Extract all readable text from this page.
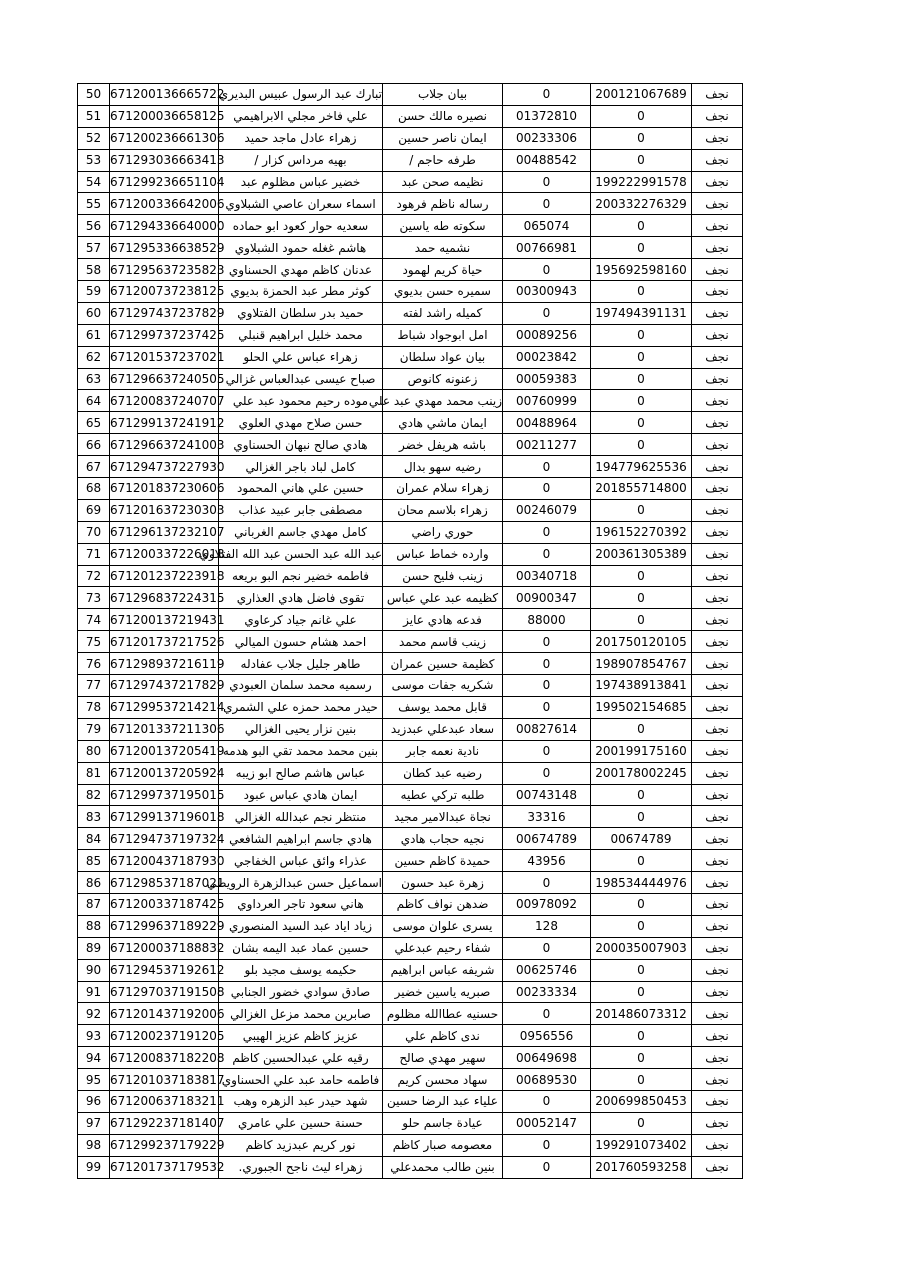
50	671200136665722	تبارك عبد الرسول عبيس البديري	بيان جلاب	0	200121067689	نجف
51	671200036658125	علي فاخر مجلي الابراهيمي	نصيره مالك حسن	01372810	0	نجف
52	671200236661306	زهراء عادل ماجد حميد	ايمان ناصر حسين	00233306	0	نجف
53	671293036663413	بهيه مرداس كزار /	طرفه حاجم /	00488542	0	نجف
54	671299236651104	خضير عباس مظلوم عبد	نظيمه صحن عبد	0	199222991578	نجف
55	671200336642006	اسماء سعران عاصي الشبلاوي	رساله ناظم فرهود	0	200332276329	نجف
56	671294336640000	سعديه حوار كعود ابو حماده	سكوته طه ياسين	065074	0	نجف
57	671295336638529	هاشم غغله حمود الشبلاوي	نشميه حمد	00766981	0	نجف
58	671295637235823	عدنان كاظم مهدي الحسناوي	حياة كريم لهمود	0	195692598160	نجف
59	671200737238125	كوثر مطر عبد الحمزة بديوي	سميره حسن بديوي	00300943	0	نجف
60	671297437237829	حميد بدر سلطان الفتلاوي	كميله راشد لفته	0	197494391131	نجف
61	671299737237425	محمد خليل ابراهيم قنبلي	امل ابوجواد شباط	00089256	0	نجف
62	671201537237021	زهراء عباس علي الحلو	بيان عواد سلطان	00023842	0	نجف
63	671296637240505	صباح عيسى عبدالعباس غزالي	زعنونه كانوص	00059383	0	نجف
64	671200837240707	موده رحيم محمود عبد علي	زينب محمد مهدي عبد علي	00760999	0	نجف
65	671299137241912	حسن صلاح مهدي العلوي	ايمان ماشي هادي	00488964	0	نجف
66	671296637241003	هادي صالح نبهان الحسناوي	باشه هريفل خضر	00211277	0	نجف
67	671294737227930	كامل لباد باجر الغزالي	رضيه سهو بدال	0	194779625536	نجف
68	671201837230606	حسين علي هاني المحمود	زهراء سلام عمران	0	201855714800	نجف
69	671201637230303	مصطفى جابر عبيد عذاب	زهراء بلاسم محان	00246079	0	نجف
70	671296137232107	كامل مهدي جاسم الغرباني	حوري راضي	0	196152270392	نجف
71	671200337226018	عبد الله عبد الحسن عبد الله الفتلاوي	وارده خماط عباس	0	200361305389	نجف
72	671201237223918	فاطمه خضير نجم البو بريعه	زينب فليح حسن	00340718	0	نجف
73	671296837224315	تقوى فاضل هادي العذاري	كظيمه عبد علي عباس	00900347	0	نجف
74	671200137219431	علي غانم جياد كرعاوي	فدعه هادي عايز	88000	0	نجف
75	671201737217526	احمد هشام حسون الميالي	زينب قاسم محمد	0	201750120105	نجف
76	671298937216119	طاهر جليل جلاب عفادله	كظيمة حسين عمران	0	198907854767	نجف
77	671297437217829	رسميه محمد سلمان العبودي	شكريه جفات موسى	0	197438913841	نجف
78	671299537214214	حيدر محمد حمزه علي الشمري	قابل محمد يوسف	0	199502154685	نجف
79	671201337211306	بنين نزار يحيى الغزالي	سعاد عبدعلي عبدزيد	00827614	0	نجف
80	671200137205419	بنين محمد محمد تقي البو هدمه	نادية نعمه جابر	0	200199175160	نجف
81	671200137205924	عباس هاشم صالح ابو زيبه	رضيه عبد كطان	0	200178002245	نجف
82	671299737195015	ايمان هادي عباس عبود	طلبه تركي عطيه	00743148	0	نجف
83	671299137196018	منتظر نجم عبدالله الغزالي	نجاة عبدالامير مجيد	33316	0	نجف
84	671294737197324	هادي جاسم ابراهيم الشافعي	نجيه حجاب هادي	00674789	00674789	نجف
85	671200437187930	عذراء وائق عباس الخفاجي	حميدة كاظم حسين	43956	0	نجف
86	671298537187021	اسماعيل حسن عبدالزهرة الرويطي	زهرة عبد حسون	0	198534444976	نجف
87	671200337187425	هاني سعود تاجر العرداوي	ضدهن نواف كاظم	00978092	0	نجف
88	671299637189229	زياد اياد عبد السيد المنصوري	يسرى علوان موسى	128	0	نجف
89	671200037188832	حسين عماد عبد اليمه بشان	شفاء رحيم عبدعلي	0	200035007903	نجف
90	671294537192612	حكيمه يوسف مجيد بلو	شريفه عباس ابراهيم	00625746	0	نجف
91	671297037191508	صادق سوادي خضور الجنابي	صبريه ياسين خضير	00233334	0	نجف
92	671201437192006	صابرين محمد مزعل الغزالي	حسنيه عطاالله مظلوم	0	201486073312	نجف
93	671200237191205	عزيز كاظم عزيز الهيبي	ندى كاظم علي	0956556	0	نجف
94	671200837182208	رقيه علي عبدالحسين كاظم	سهير مهدي صالح	00649698	0	نجف
95	671201037183817	فاطمه حامد عبد علي الحسناوي	سهاد محسن كريم	00689530	0	نجف
96	671200637183211	شهد حيدر عبد الزهره وهب	علياء عبد الرضا حسين	0	200699850453	نجف
97	671292237181407	حسنة حسين علي عامري	عيادة جاسم حلو	00052147	0	نجف
98	671299237179229	نور كريم عبدزيد كاظم	معصومه صبار كاظم	0	199291073402	نجف
99	671201737179532	زهراء ليث ناجح الجبوري.	بنين طالب محمدعلي	0	201760593258	نجف
